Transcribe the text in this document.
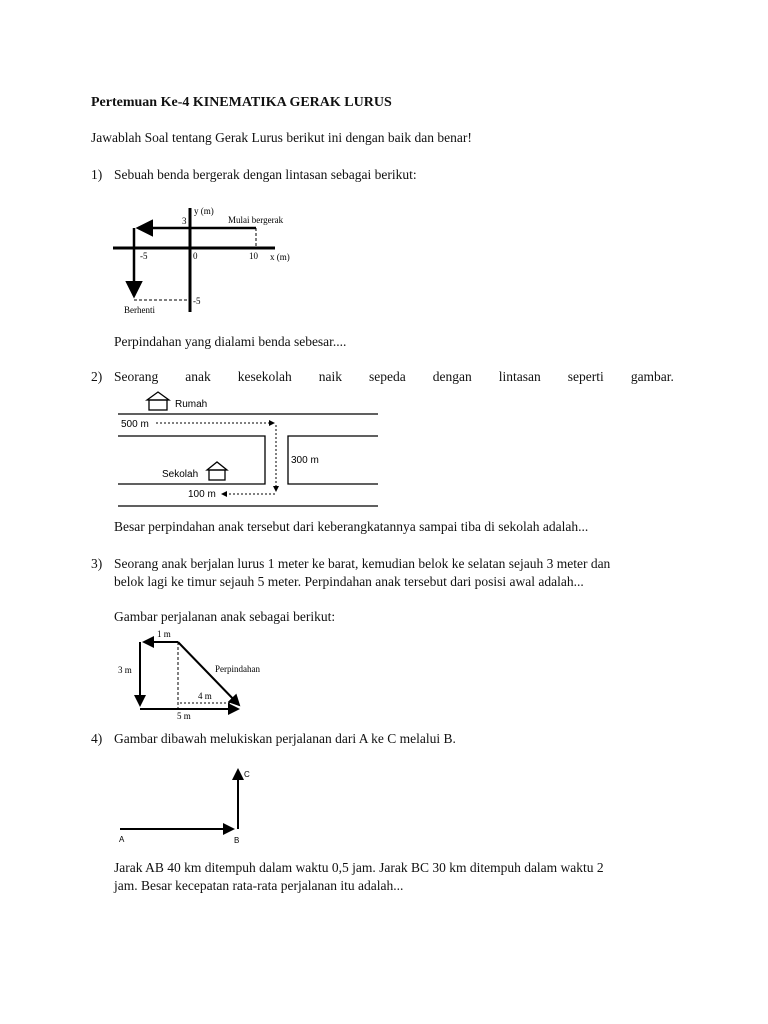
Pertemuan Ke-4 KINEMATIKA GERAK LURUS
Jawablah Soal tentang Gerak Lurus berikut ini dengan baik dan benar!
1) Sebuah benda bergerak dengan lintasan sebagai berikut:
y (m)
3	Mulai bergerak
-5	0	10 x (m)
-5
Berhenti
Perpindahan yang dialami benda sebesar....
2) Seorang anak kesekolah naik sepeda dengan lintasan seperti gambar.
Rumah
500 m
300 m
Sekolah
100 m
Besar perpindahan anak tersebut dari keberangkatannya sampai tiba di sekolah adalah...
3) Seorang anak berjalan lurus 1 meter ke barat, kemudian belok ke selatan sejauh 3 meter dan
belok lagi ke timur sejauh 5 meter. Perpindahan anak tersebut dari posisi awal adalah...
Gambar perjalanan anak sebagai berikut:
1 m
3 m	Perpindahan
4 m
5 m
4) Gambar dibawah melukiskan perjalanan dari A ke C melalui B.
A	B
C
Jarak AB 40 km ditempuh dalam waktu 0,5 jam. Jarak BC 30 km ditempuh dalam waktu 2
jam. Besar kecepatan rata-rata perjalanan itu adalah...
